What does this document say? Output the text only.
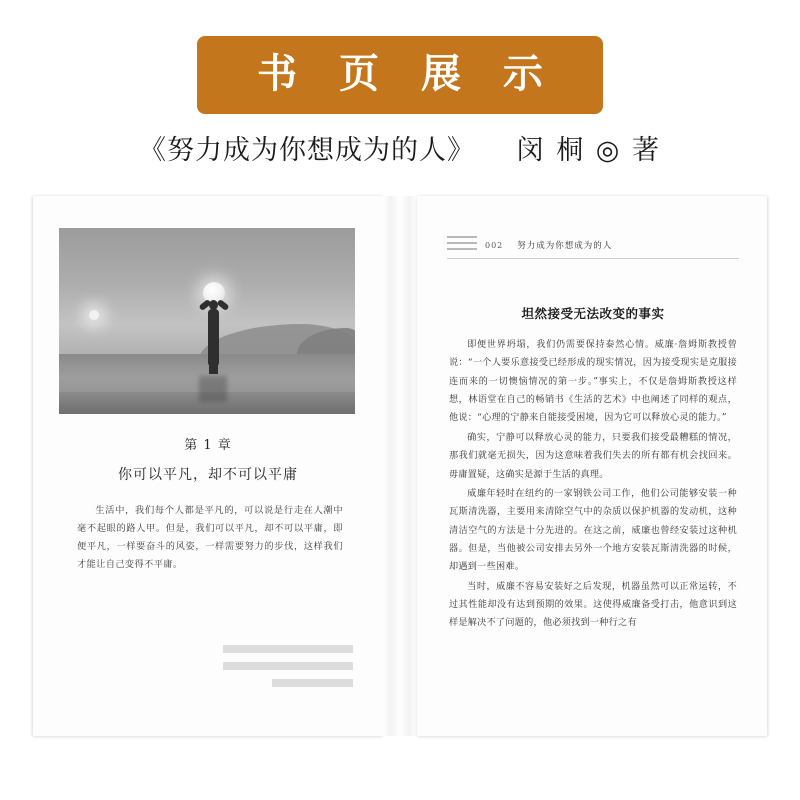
书 页 展 示
《努力成为你想成为的人》 闵 桐 ◎ 著
第 1 章
你可以平凡，却不可以平庸
生活中，我们每个人都是平凡的，可以说是行走在人潮中毫不起眼的路人甲。但是，我们可以平凡，却不可以平庸，即便平凡，一样要奋斗的风姿，一样需要努力的步伐，这样我们才能让自己变得不平庸。
002 努力成为你想成为的人
坦然接受无法改变的事实

即便世界坍塌，我们仍需要保持泰然心情。威廉·詹姆斯教授曾说：“一个人要乐意接受已经形成的现实情况，因为接受现实是克服接连而来的一切懊恼情况的第一步。”事实上，不仅是詹姆斯教授这样想，林语堂在自己的畅销书《生活的艺术》中也阐述了同样的观点，他说：“心理的宁静来自能接受困境，因为它可以释放心灵的能力。”

确实，宁静可以释放心灵的能力，只要我们接受最糟糕的情况，那我们就毫无损失，因为这意味着我们失去的所有都有机会找回来。毋庸置疑，这确实是源于生活的真理。

威廉年轻时在纽约的一家钢铁公司工作，他们公司能够安装一种瓦斯清洗器，主要用来清除空气中的杂质以保护机器的发动机，这种清洁空气的方法是十分先进的。在这之前，威廉也曾经安装过这种机器。但是，当他被公司安排去另外一个地方安装瓦斯清洗器的时候，却遇到一些困难。

当时，威廉不容易安装好之后发现，机器虽然可以正常运转，不过其性能却没有达到预期的效果。这使得威廉备受打击，他意识到这样是解决不了问题的，他必须找到一种行之有
